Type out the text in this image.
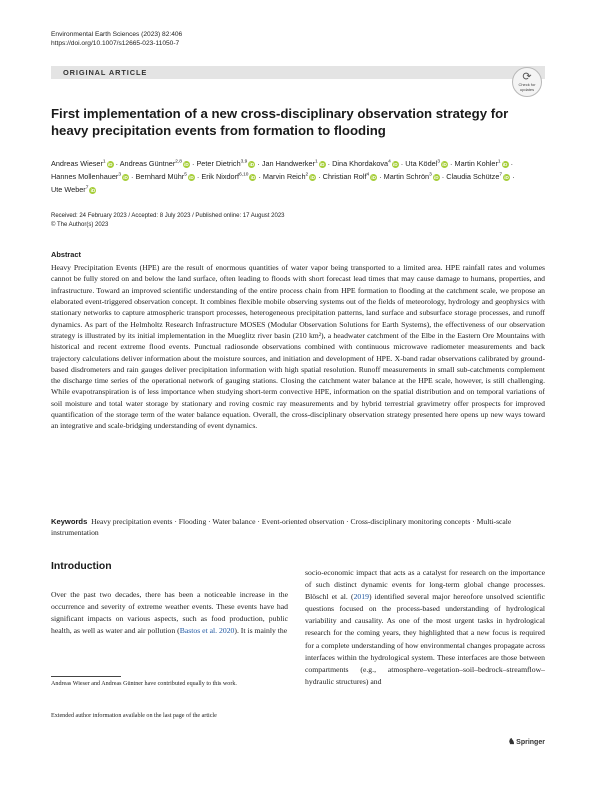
Environmental Earth Sciences (2023) 82:406
https://doi.org/10.1007/s12665-023-11050-7
ORIGINAL ARTICLE	⟳
Check for
updates
First implementation of a new cross-disciplinary observation strategy for heavy precipitation events from formation to flooding
Andreas Wieser$^1$ iD · Andreas Güntner$^{2,8}$ iD · Peter Dietrich$^{3,9}$ iD · Jan Handwerker$^1$ iD · Dina Khordakova$^4$ iD · Uta Ködel$^3$ iD · Martin Kohler$^1$ iD · Hannes Mollenhauer$^3$ iD · Bernhard Mühr$^5$ iD · Erik Nixdorf$^{6,10}$ iD · Marvin Reich$^2$ iD · Christian Rolf$^4$ iD · Martin Schrön$^3$ iD · Claudia Schütze$^7$ iD · Ute Weber$^7$ iD
Received: 24 February 2023 / Accepted: 8 July 2023 / Published online: 17 August 2023
© The Author(s) 2023
Abstract

Heavy Precipitation Events (HPE) are the result of enormous quantities of water vapor being transported to a limited area. HPE rainfall rates and volumes cannot be fully stored on and below the land surface, often leading to floods with short forecast lead times that may cause damage to humans, properties, and infrastructure. Toward an improved scientific understanding of the entire process chain from HPE formation to flooding at the catchment scale, we propose an elaborated event-triggered observation concept. It combines flexible mobile observing systems out of the fields of meteorology, hydrology and geophysics with stationary networks to capture atmospheric transport processes, heterogeneous precipitation patterns, land surface and subsurface storage processes, and runoff dynamics. As part of the Helmholtz Research Infrastructure MOSES (Modular Observation Solutions for Earth Systems), the effectiveness of our observation strategy is illustrated by its initial implementation in the Mueglitz river basin (210 km²), a headwater catchment of the Elbe in the Eastern Ore Mountains with historical and recent extreme flood events. Punctual radiosonde observations combined with continuous microwave radiometer measurements and back trajectory calculations deliver information about the moisture sources, and initiation and development of HPE. X-band radar observations calibrated by ground-based disdrometers and rain gauges deliver precipitation information with high spatial resolution. Runoff measurements in small sub-catchments complement the discharge time series of the operational network of gauging stations. Closing the catchment water balance at the HPE scale, however, is still challenging. While evapotranspiration is of less importance when studying short-term convective HPE, information on the spatial distribution and on temporal variations of soil moisture and total water storage by stationary and roving cosmic ray measurements and by hybrid terrestrial gravimetry offer prospects for improved quantification of the storage term of the water balance equation. Overall, the cross-disciplinary observation strategy presented here opens up new ways toward an integrative and scale-bridging understanding of event dynamics.

Keywords Heavy precipitation events · Flooding · Water balance · Event-oriented observation · Cross-disciplinary monitoring concepts · Multi-scale instrumentation
Introduction

Over the past two decades, there has been a noticeable increase in the occurrence and severity of extreme weather events. These events have had significant impacts on various aspects, such as food production, public health, as well as water and air pollution (Bastos et al. 2020). It is mainly the

Andreas Wieser and Andreas Güntner have contributed equally to this work.
Extended author information available on the last page of the article

socio-economic impact that acts as a catalyst for research on the importance of such distinct dynamic events for long-term global change processes. Blöschl et al. (2019) identified several major hereofore unsolved scientific questions focused on the process-based understanding of hydrological variability and causality. As one of the most urgent tasks in hydrological research for the coming years, they highlighted that a new focus is required for a complete understanding of how environmental changes propagate across interfaces within the hydrological system. These interfaces are those between compartments (e.g., atmosphere–vegetation–soil–bedrock–streamflow–hydraulic structures) and

♞Springer
